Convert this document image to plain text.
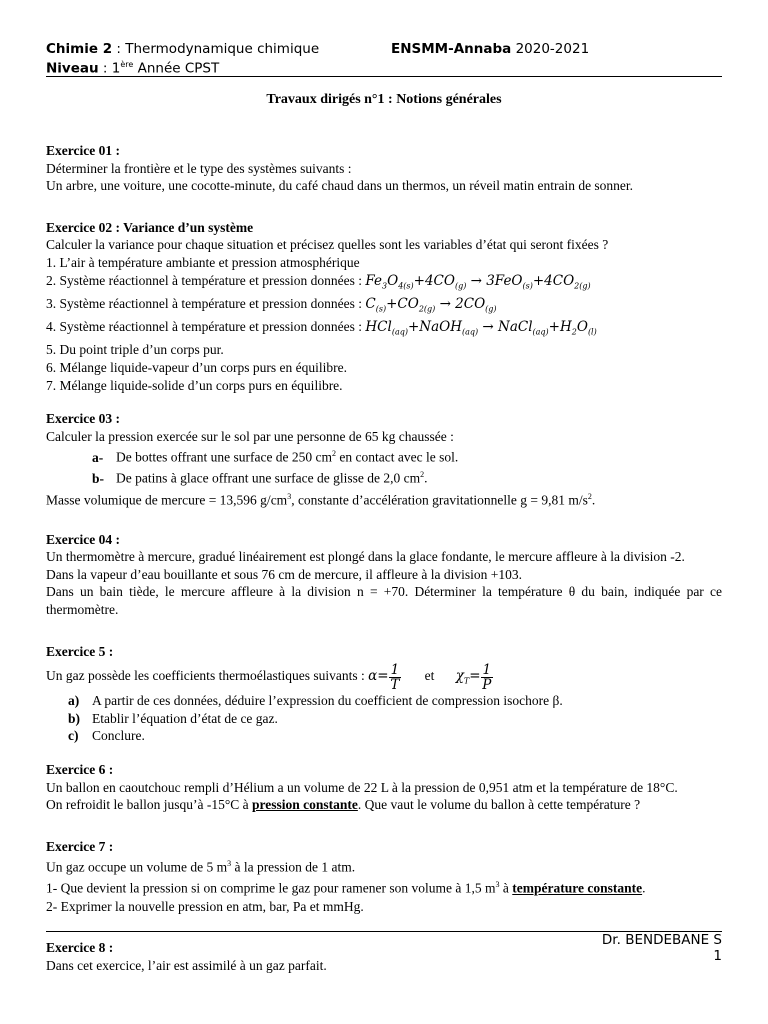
Chimie 2 : Thermodynamique chimique	ENSMM-Annaba 2020-2021
Niveau : 1ère Année CPST
Travaux dirigés n°1 : Notions générales
Exercice 01 :
Déterminer la frontière et le type des systèmes suivants :
Un arbre, une voiture, une cocotte-minute, du café chaud dans un thermos, un réveil matin entrain de sonner.
Exercice 02 : Variance d’un système
Calculer la variance pour chaque situation et précisez quelles sont les variables d’état qui seront fixées ?
1. L’air à température ambiante et pression atmosphérique
2. Système réactionnel à température et pression données : $Fe_3O_{4(s)}+4CO_{(g)} \to 3FeO_{(s)}+4CO_{2(g)}$
3. Système réactionnel à température et pression données : $C_{(s)}+CO_{2(g)} \to 2CO_{(g)}$
4. Système réactionnel à température et pression données : HCl$_{(aq)}$+NaOH$_{(aq)}$ → $NaCl_{(aq)}+H_2O_{(l)}$
5. Du point triple d’un corps pur.
6. Mélange liquide-vapeur d’un corps purs en équilibre.
7. Mélange liquide-solide d’un corps purs en équilibre.
Exercice 03 :
Calculer la pression exercée sur le sol par une personne de 65 kg chaussée :
a- De bottes offrant une surface de 250 $cm^2$ en contact avec le sol.
b- De patins à glace offrant une surface de glisse de 2,0 $cm^2$.
Masse volumique de mercure = 13,596 $g/cm^3$, constante d’accélération gravitationnelle g = 9,81 $m/s^2$.
Exercice 04 :
Un thermomètre à mercure, gradué linéairement est plongé dans la glace fondante, le mercure affleure à la division -2.
Dans la vapeur d’eau bouillante et sous 76 cm de mercure, il affleure à la division +103.
Dans un bain tiède, le mercure affleure à la division n = +70. Déterminer la température θ du bain, indiquée par ce thermomètre.
Exercice 5 :
Un gaz possède les coefficients thermoélastiques suivants : $\alpha= \frac{1}{T}$ et $\chi_T= \frac{1}{P}$
a) A partir de ces données, déduire l’expression du coefficient de compression isochore β.
b) Etablir l’équation d’état de ce gaz.
c) Conclure.
Exercice 6 :
Un ballon en caoutchouc rempli d’Hélium a un volume de 22 L à la pression de 0,951 atm et la température de 18°C.
On refroidit le ballon jusqu’à -15°C à pression constante. Que vaut le volume du ballon à cette température ?
Exercice 7 :
Un gaz occupe un volume de 5 $m^3$ à la pression de 1 atm.
1- Que devient la pression si on comprime le gaz pour ramener son volume à 1,5 $m^3$ à température constante.
2- Exprimer la nouvelle pression en atm, bar, Pa et mmHg.
Exercice 8 :
Dans cet exercice, l’air est assimilé à un gaz parfait.
Dr. BENDEBANE S
1
